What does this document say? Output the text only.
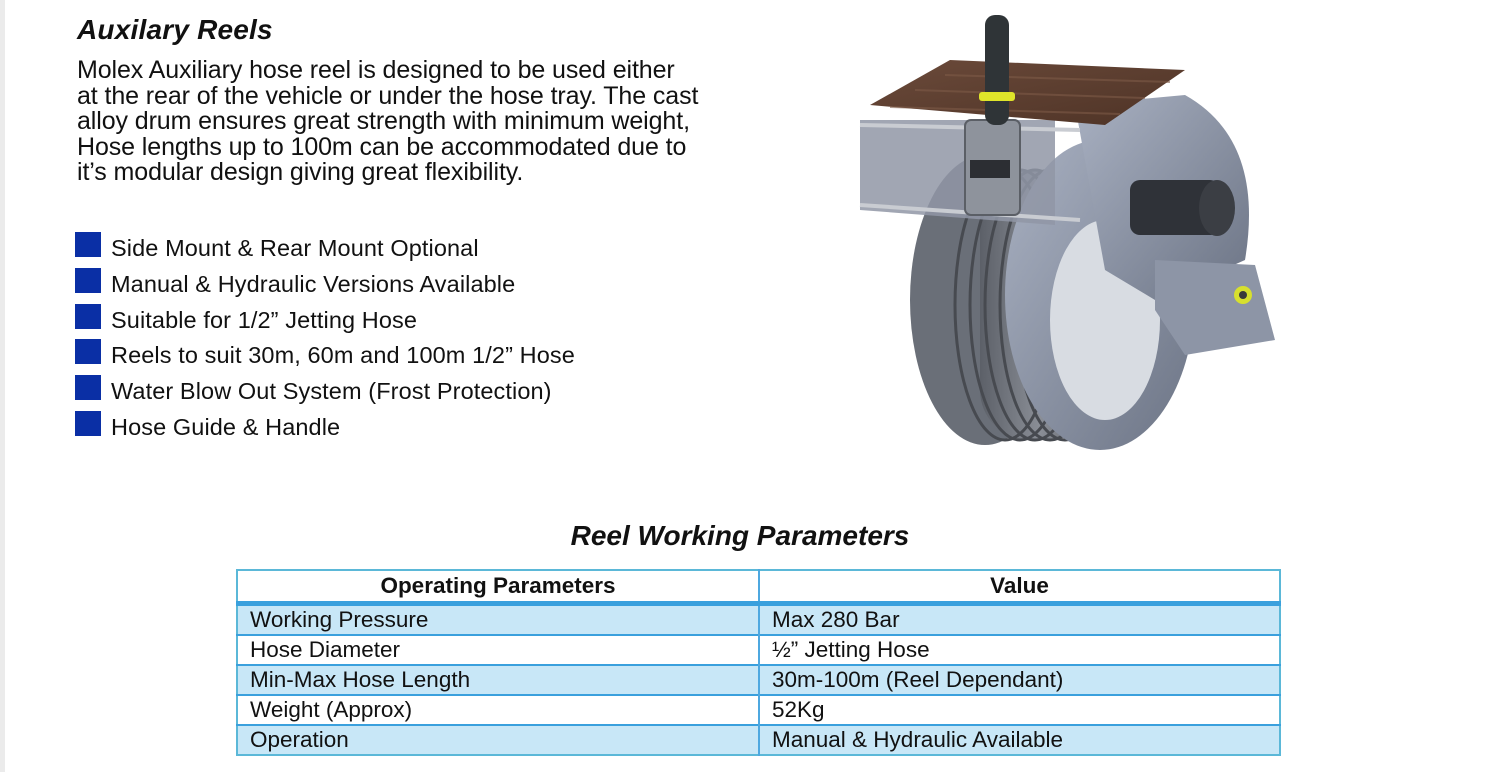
Auxilary Reels

Molex Auxiliary hose reel is designed to be used either
at the rear of the vehicle or under the hose tray. The cast
alloy drum ensures great strength with minimum weight,
Hose lengths up to 100m can be accommodated due to
it’s modular design giving great flexibility.

Side Mount & Rear Mount Optional
Manual & Hydraulic Versions Available
Suitable for 1/2” Jetting Hose
Reels to suit 30m, 60m and 100m 1/2” Hose
Water Blow Out System (Frost Protection)
Hose Guide & Handle
Reel Working Parameters
Operating Parameters	Value
Working Pressure	Max 280 Bar
Hose Diameter	½” Jetting Hose
Min-Max Hose Length	30m-100m (Reel Dependant)
Weight (Approx)	52Kg
Operation	Manual & Hydraulic Available
